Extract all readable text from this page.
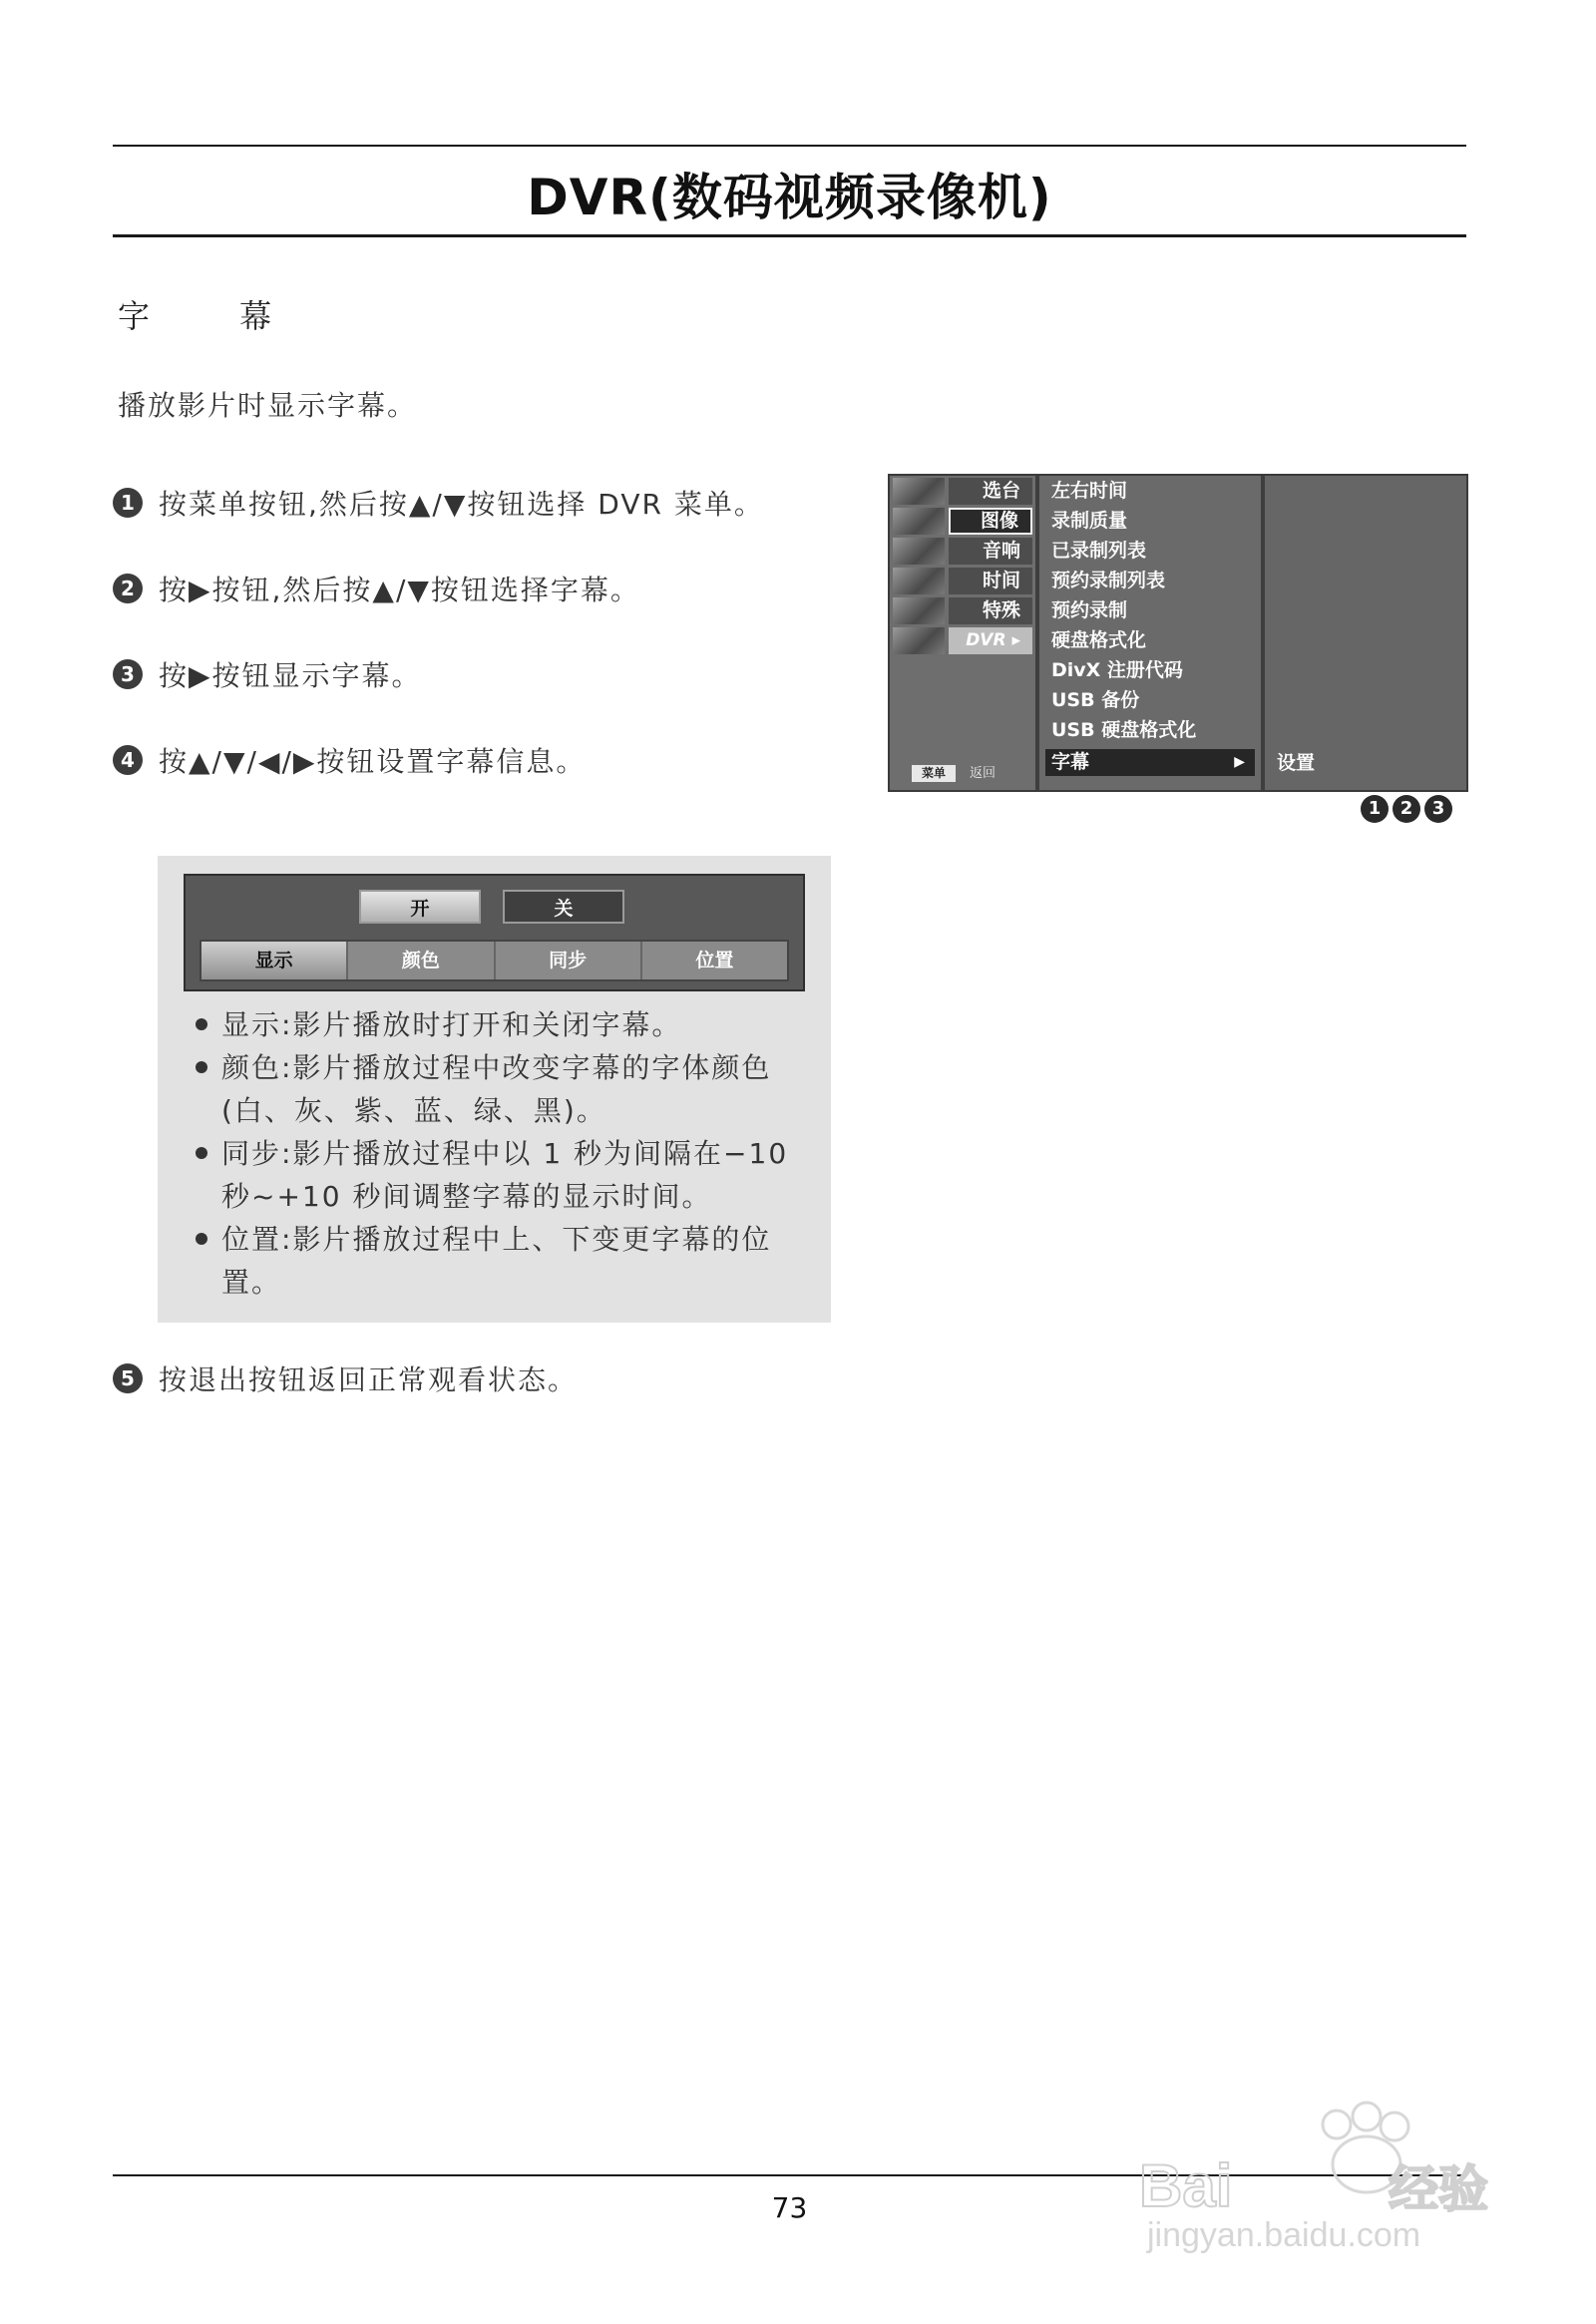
DVR(数码视频录像机)
字 幕
播放影片时显示字幕。
1 按菜单按钮,然后按▲/▼按钮选择 DVR 菜单。
2 按▶按钮,然后按▲/▼按钮选择字幕。
3 按▶按钮显示字幕。
4 按▲/▼/◀/▶按钮设置字幕信息。
选台
图像
音响
时间
特殊
DVR ▸
菜单	返回
左右时间
录制质量
已录制列表
预约录制列表
预约录制
硬盘格式化
DivX 注册代码
USB 备份
USB 硬盘格式化
字幕	▶ 设置
1	2	3
开	关
显示	颜色	同步	位置
显示:影片播放时打开和关闭字幕。
颜色:影片播放过程中改变字幕的字体颜色(白、灰、紫、蓝、绿、黑)。
同步:影片播放过程中以 1 秒为间隔在−10 秒~+10 秒间调整字幕的显示时间。
位置:影片播放过程中上、下变更字幕的位置。
5 按退出按钮返回正常观看状态。
73	Bai	经验
jingyan.baidu.com
